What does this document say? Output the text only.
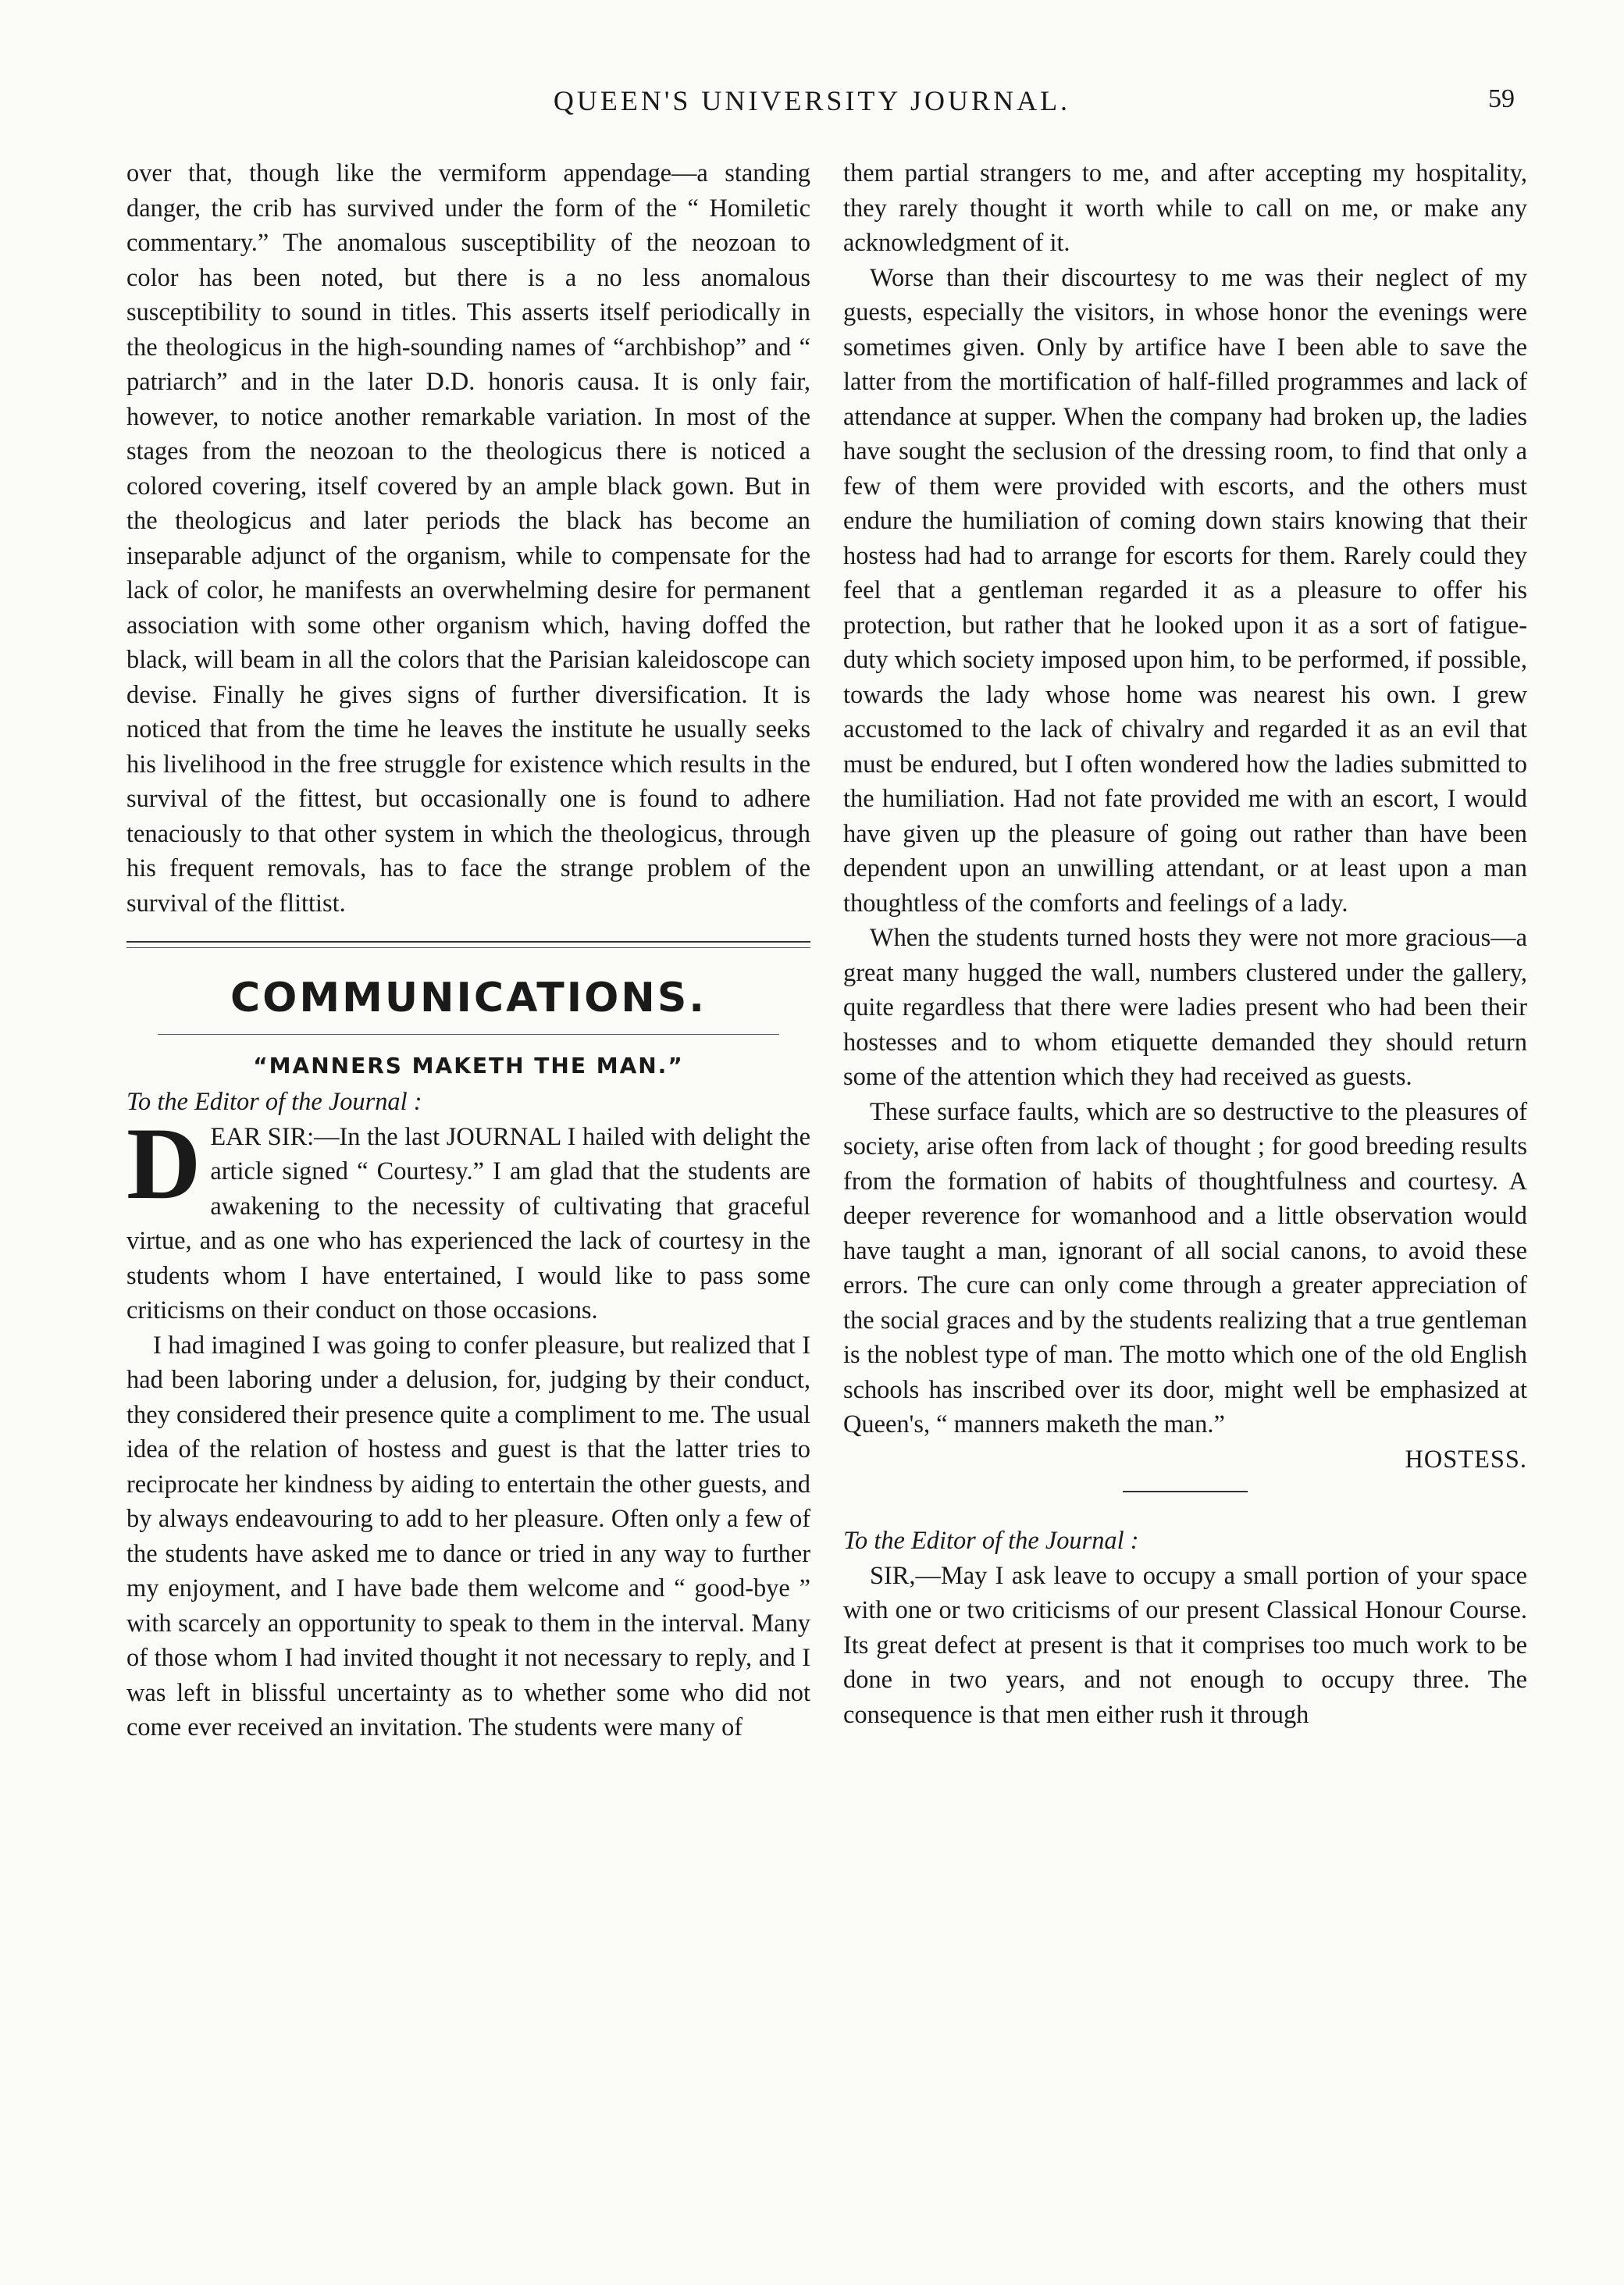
QUEEN'S UNIVERSITY JOURNAL.	59

over that, though like the vermiform appendage—a standing danger, the crib has survived under the form of the “ Homiletic commentary.” The anomalous susceptibility of the neozoan to color has been noted, but there is a no less anomalous susceptibility to sound in titles. This asserts itself periodically in the theologicus in the high-sounding names of “archbishop” and “ patriarch” and in the later D.D. honoris causa. It is only fair, however, to notice another remarkable variation. In most of the stages from the neozoan to the theologicus there is noticed a colored covering, itself covered by an ample black gown. But in the theologicus and later periods the black has become an inseparable adjunct of the organism, while to compensate for the lack of color, he manifests an overwhelming desire for permanent association with some other organism which, having doffed the black, will beam in all the colors that the Parisian kaleidoscope can devise. Finally he gives signs of further diversification. It is noticed that from the time he leaves the institute he usually seeks his livelihood in the free struggle for existence which results in the survival of the fittest, but occasionally one is found to adhere tenaciously to that other system in which the theologicus, through his frequent removals, has to face the strange problem of the survival of the flittist.

COMMUNICATIONS.
“MANNERS MAKETH THE MAN.”

To the Editor of the Journal :

DEAR SIR:—In the last JOURNAL I hailed with delight the article signed “ Courtesy.” I am glad that the students are awakening to the necessity of cultivating that graceful virtue, and as one who has experienced the lack of courtesy in the students whom I have entertained, I would like to pass some criticisms on their conduct on those occasions.

I had imagined I was going to confer pleasure, but realized that I had been laboring under a delusion, for, judging by their conduct, they considered their presence quite a compliment to me. The usual idea of the relation of hostess and guest is that the latter tries to reciprocate her kindness by aiding to entertain the other guests, and by always endeavouring to add to her pleasure. Often only a few of the students have asked me to dance or tried in any way to further my enjoyment, and I have bade them welcome and “ good-bye ” with scarcely an opportunity to speak to them in the interval. Many of those whom I had invited thought it not necessary to reply, and I was left in blissful uncertainty as to whether some who did not come ever received an invitation. The students were many of

them partial strangers to me, and after accepting my hospitality, they rarely thought it worth while to call on me, or make any acknowledgment of it.

Worse than their discourtesy to me was their neglect of my guests, especially the visitors, in whose honor the evenings were sometimes given. Only by artifice have I been able to save the latter from the mortification of half-filled programmes and lack of attendance at supper. When the company had broken up, the ladies have sought the seclusion of the dressing room, to find that only a few of them were provided with escorts, and the others must endure the humiliation of coming down stairs knowing that their hostess had had to arrange for escorts for them. Rarely could they feel that a gentleman regarded it as a pleasure to offer his protection, but rather that he looked upon it as a sort of fatigue-duty which society imposed upon him, to be performed, if possible, towards the lady whose home was nearest his own. I grew accustomed to the lack of chivalry and regarded it as an evil that must be endured, but I often wondered how the ladies submitted to the humiliation. Had not fate provided me with an escort, I would have given up the pleasure of going out rather than have been dependent upon an unwilling attendant, or at least upon a man thoughtless of the comforts and feelings of a lady.

When the students turned hosts they were not more gracious—a great many hugged the wall, numbers clustered under the gallery, quite regardless that there were ladies present who had been their hostesses and to whom etiquette demanded they should return some of the attention which they had received as guests.

These surface faults, which are so destructive to the pleasures of society, arise often from lack of thought ; for good breeding results from the formation of habits of thoughtfulness and courtesy. A deeper reverence for womanhood and a little observation would have taught a man, ignorant of all social canons, to avoid these errors. The cure can only come through a greater appreciation of the social graces and by the students realizing that a true gentleman is the noblest type of man. The motto which one of the old English schools has inscribed over its door, might well be emphasized at Queen's, “ manners maketh the man.”

HOSTESS.

To the Editor of the Journal :

SIR,—May I ask leave to occupy a small portion of your space with one or two criticisms of our present Classical Honour Course. Its great defect at present is that it comprises too much work to be done in two years, and not enough to occupy three. The consequence is that men either rush it through
